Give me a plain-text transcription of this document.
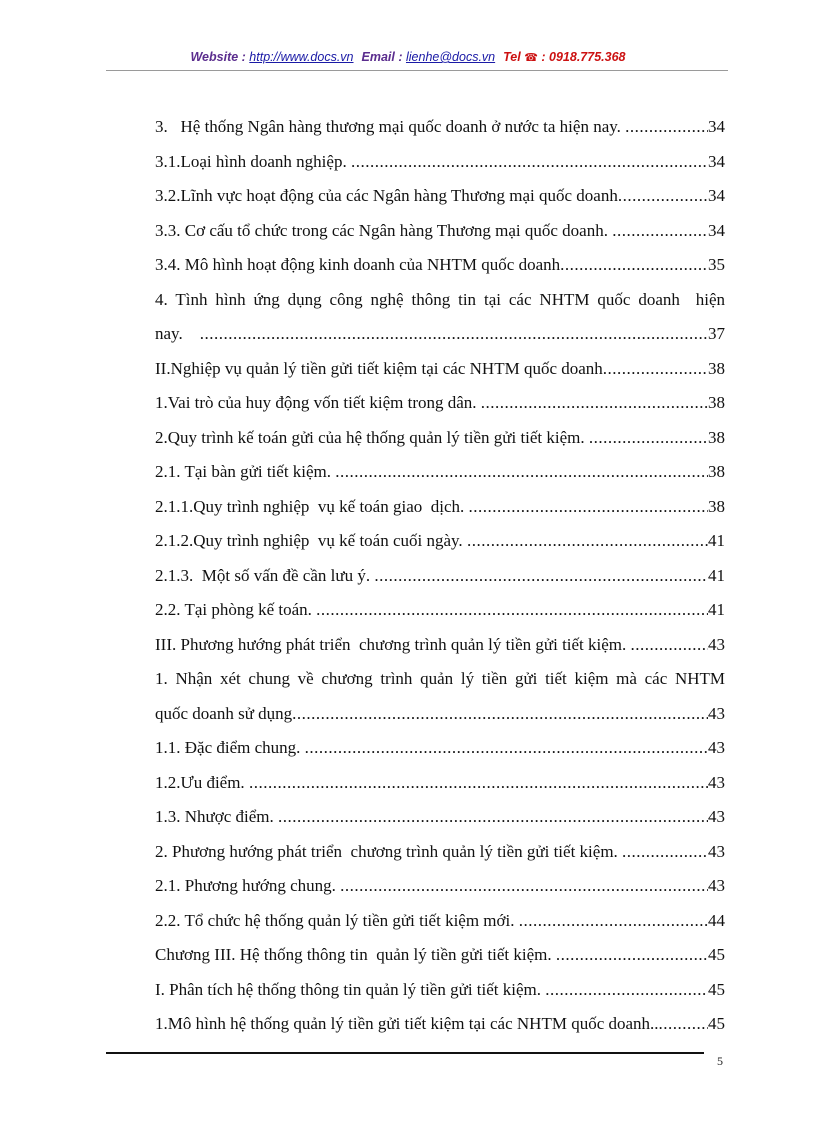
Website : http://www.docs.vn Email : lienhe@docs.vn Tel ☎ : 0918.775.368
3.   Hệ thống Ngân hàng thương mại quốc doanh ở nước ta hiện nay. .....	34
3.1.Loại hình doanh nghiệp. .....	34
3.2.Lĩnh vực hoạt động của các Ngân hàng Thương mại quốc doanh .....	34
3.3. Cơ cấu tổ chức trong các Ngân hàng Thương mại quốc doanh. .....	34
3.4. Mô hình hoạt động kinh doanh của NHTM quốc doanh .....	35
4. Tình hình ứng dụng công nghệ thông tin tại các NHTM quốc doanh  hiện
nay. .....	37
II.Nghiệp vụ quản lý tiền gửi tiết kiệm tại các NHTM quốc doanh .....	38
1.Vai trò của huy động vốn tiết kiệm trong dân. .....	38
2.Quy trình kế toán gửi của hệ thống quản lý tiền gửi tiết kiệm. .....	38
2.1. Tại bàn gửi tiết kiệm. .....	38
2.1.1.Quy trình nghiệp  vụ kế toán giao  dịch. .....	38
2.1.2.Quy trình nghiệp  vụ kế toán cuối ngày. .....	41
2.1.3.  Một số vấn đề cần lưu ý. .....	41
2.2. Tại phòng kế toán. .....	41
III. Phương hướng phát triển  chương trình quản lý tiền gửi tiết kiệm. .....	43
1. Nhận xét chung về chương trình quản lý tiền gửi tiết kiệm mà các NHTM
quốc doanh sử dụng .....	43
1.1. Đặc điểm chung. .....	43
1.2.Ưu điểm. .....	43
1.3. Nhược điểm. .....	43
2. Phương hướng phát triển  chương trình quản lý tiền gửi tiết kiệm. .....	43
2.1. Phương hướng chung. .....	43
2.2. Tổ chức hệ thống quản lý tiền gửi tiết kiệm mới. .....	44
Chương III. Hệ thống thông tin  quản lý tiền gửi tiết kiệm. .....	45
I. Phân tích hệ thống thông tin quản lý tiền gửi tiết kiệm. .....	45
1.Mô hình hệ thống quản lý tiền gửi tiết kiệm tại các NHTM quốc doanh.. .....	45
5
